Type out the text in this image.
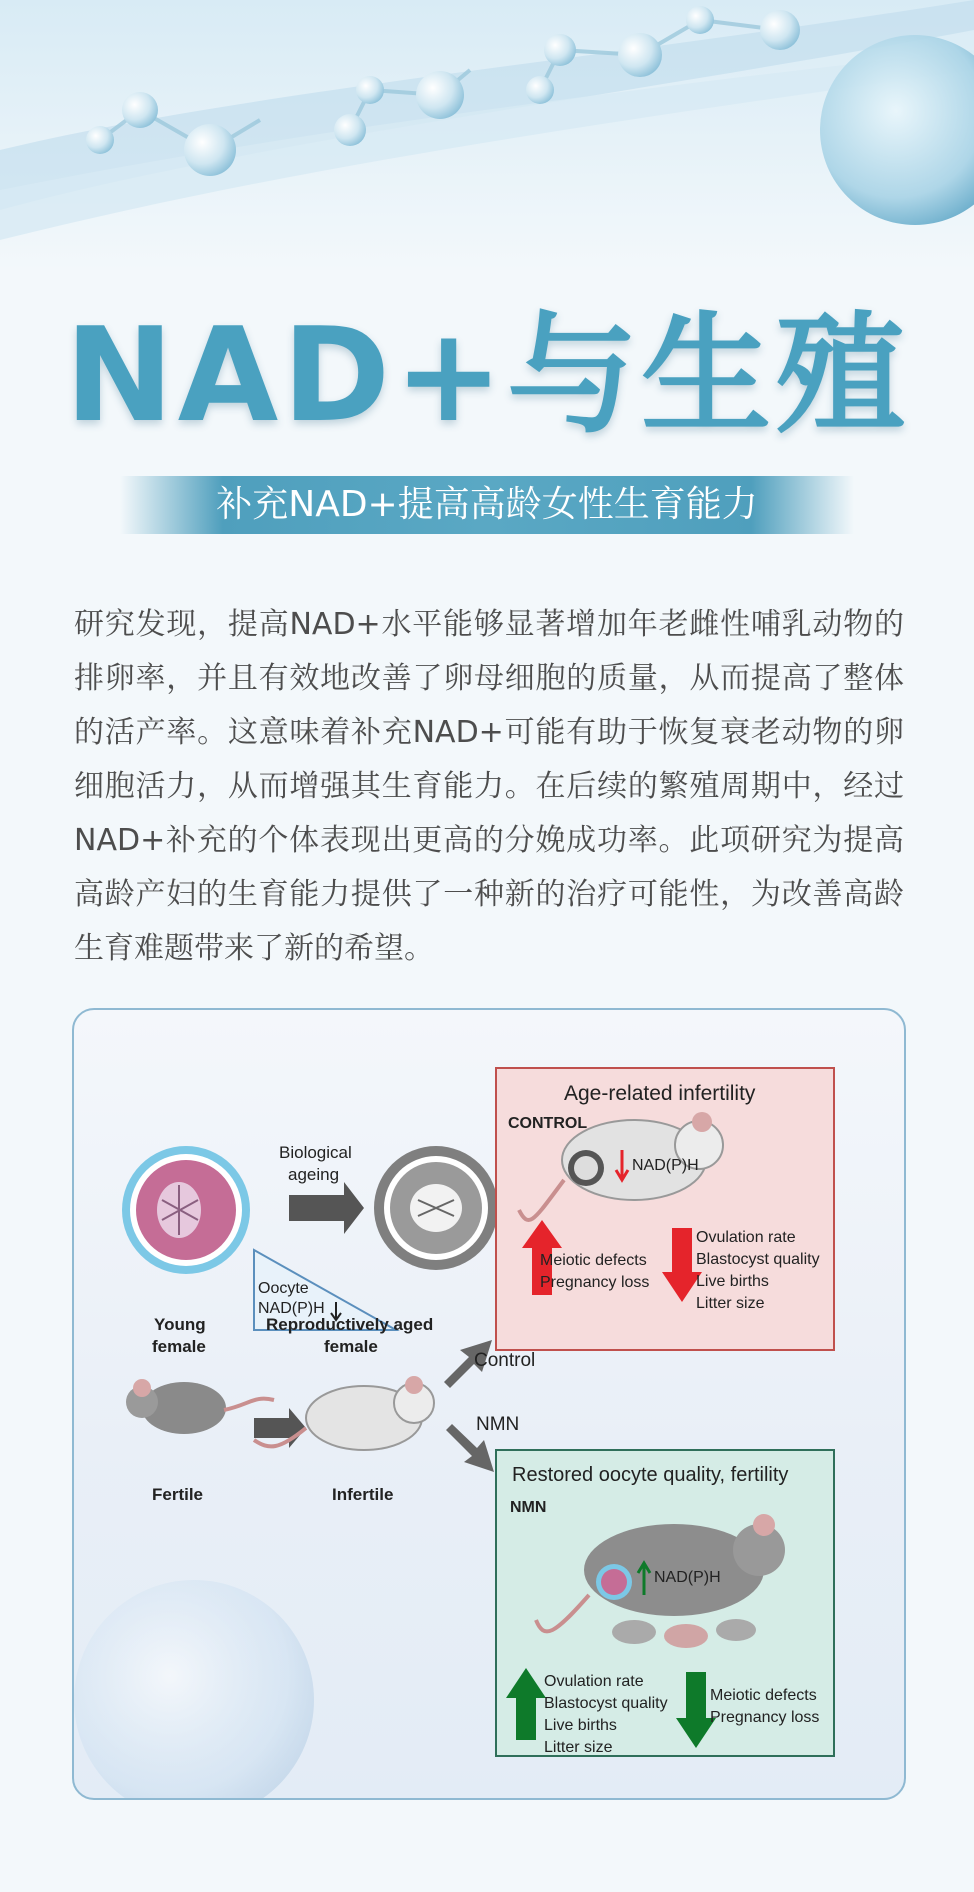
NAD+与生殖
补充NAD+提高高龄女性生育能力
研究发现，提高NAD+水平能够显著增加年老雌性哺乳动物的排卵率，并且有效地改善了卵母细胞的质量，从而提高了整体的活产率。这意味着补充NAD+可能有助于恢复衰老动物的卵细胞活力，从而增强其生育能力。在后续的繁殖周期中，经过NAD+补充的个体表现出更高的分娩成功率。此项研究为提高高龄产妇的生育能力提供了一种新的治疗可能性，为改善高龄生育难题带来了新的希望。
Oocyte
NAD(P)H
Biological
ageing
Young
female
Reproductively aged
female
Fertile	Infertile
Control
NMN
Age-related infertility
CONTROL
NAD(P)H
Meiotic defects
Pregnancy loss
Ovulation rate
Blastocyst quality
Live births
Litter size
Restored oocyte quality, fertility
NMN
NAD(P)H
Ovulation rate
Blastocyst quality
Live births
Litter size
Meiotic defects
Pregnancy loss
